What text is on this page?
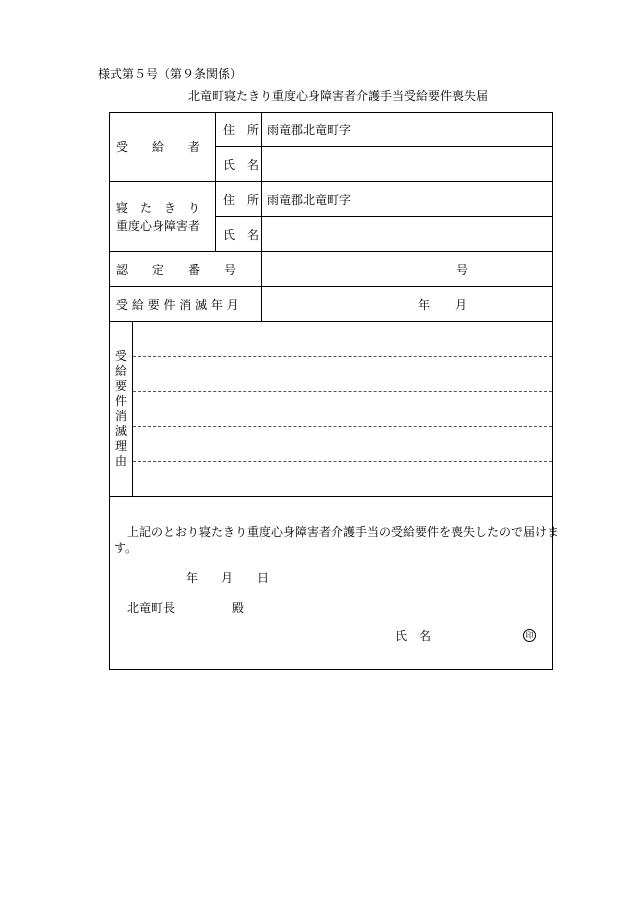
様式第５号（第９条関係）
北竜町寝たきり重度心身障害者介護手当受給要件喪失届
受　　給　　者
住　所 雨竜郡北竜町字
氏　名
寝　た　き　り
重度心身障害者
住　所 雨竜郡北竜町字
氏　名
認　　定　　番　　号	号
受 給 要 件 消 滅 年 月	年 月
受
給
要
件
消
滅
理
由
上記のとおり寝たきり重度心身障害者介護手当の受給要件を喪失したので届けま
す。
年 月 日
北竜町長	殿
氏　名	印
